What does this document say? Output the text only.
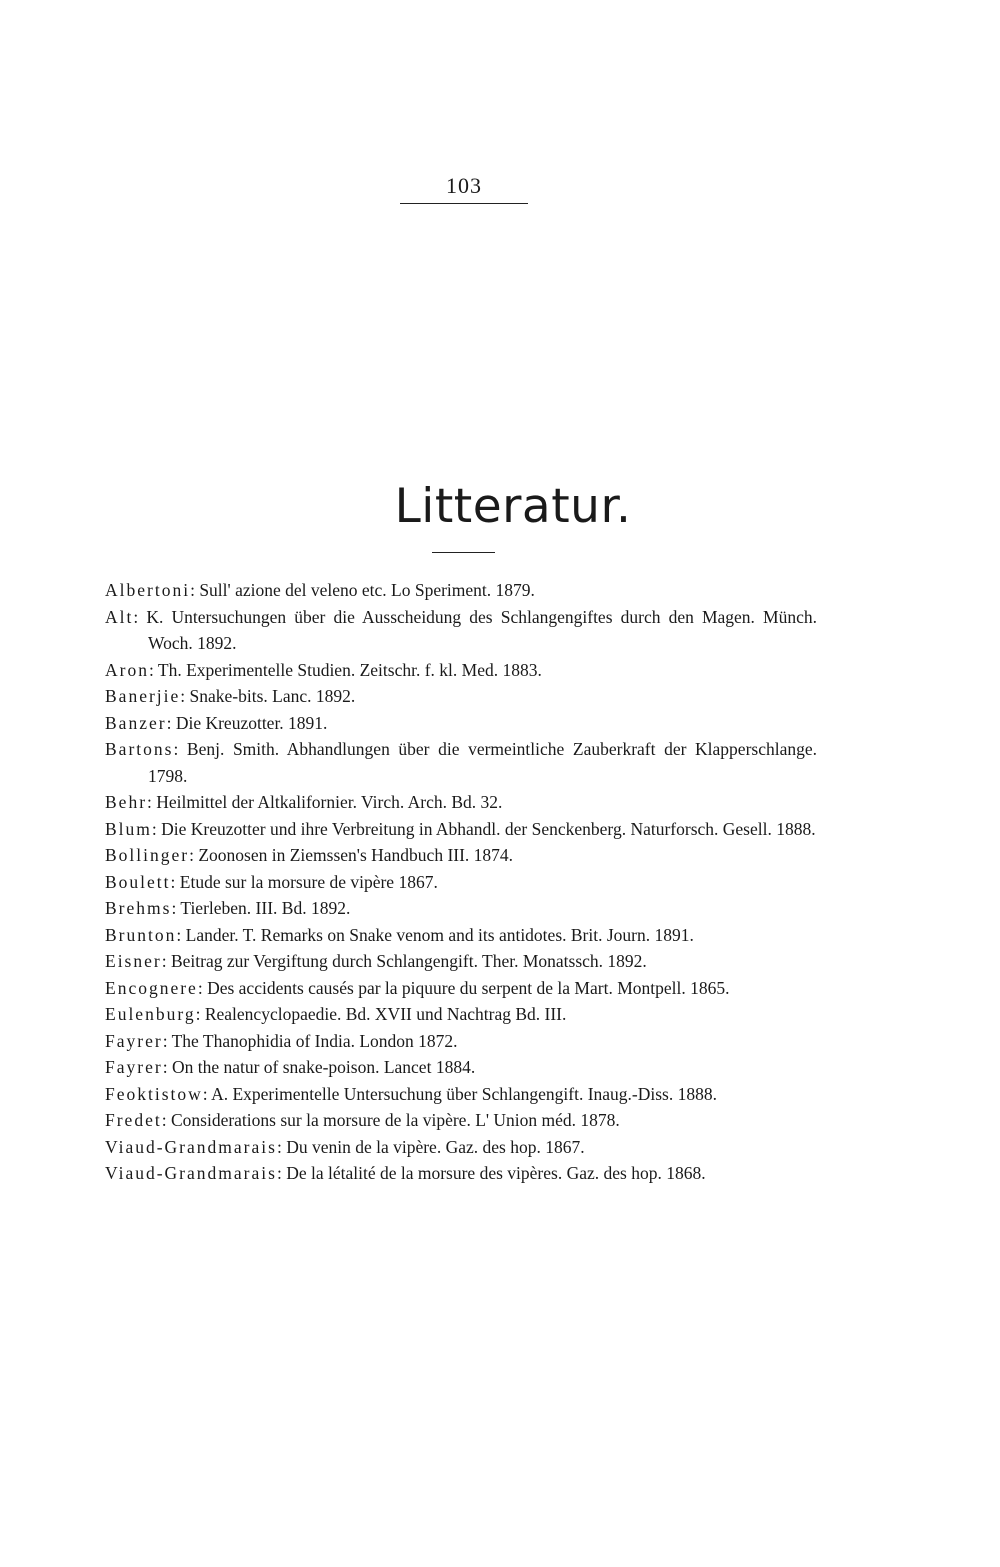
103
Litteratur.
Albertoni: Sull' azione del veleno etc. Lo Speriment. 1879.
Alt: K. Untersuchungen über die Ausscheidung des Schlangengiftes durch den Magen. Münch. Woch. 1892.
Aron: Th. Experimentelle Studien. Zeitschr. f. kl. Med. 1883.
Banerjie: Snake-bits. Lanc. 1892.
Banzer: Die Kreuzotter. 1891.
Bartons: Benj. Smith. Abhandlungen über die vermeintliche Zauberkraft der Klapperschlange. 1798.
Behr: Heilmittel der Altkalifornier. Virch. Arch. Bd. 32.
Blum: Die Kreuzotter und ihre Verbreitung in Abhandl. der Senckenberg. Naturforsch. Gesell. 1888.
Bollinger: Zoonosen in Ziemssen's Handbuch III. 1874.
Boulett: Etude sur la morsure de vipère 1867.
Brehms: Tierleben. III. Bd. 1892.
Brunton: Lander. T. Remarks on Snake venom and its antidotes. Brit. Journ. 1891.
Eisner: Beitrag zur Vergiftung durch Schlangengift. Ther. Monatssch. 1892.
Encognere: Des accidents causés par la piquure du serpent de la Mart. Montpell. 1865.
Eulenburg: Realencyclopaedie. Bd. XVII und Nachtrag Bd. III.
Fayrer: The Thanophidia of India. London 1872.
Fayrer: On the natur of snake-poison. Lancet 1884.
Feoktistow: A. Experimentelle Untersuchung über Schlangengift. Inaug.-Diss. 1888.
Fredet: Considerations sur la morsure de la vipère. L' Union méd. 1878.
Viaud-Grandmarais: Du venin de la vipère. Gaz. des hop. 1867.
Viaud-Grandmarais: De la létalité de la morsure des vipères. Gaz. des hop. 1868.
